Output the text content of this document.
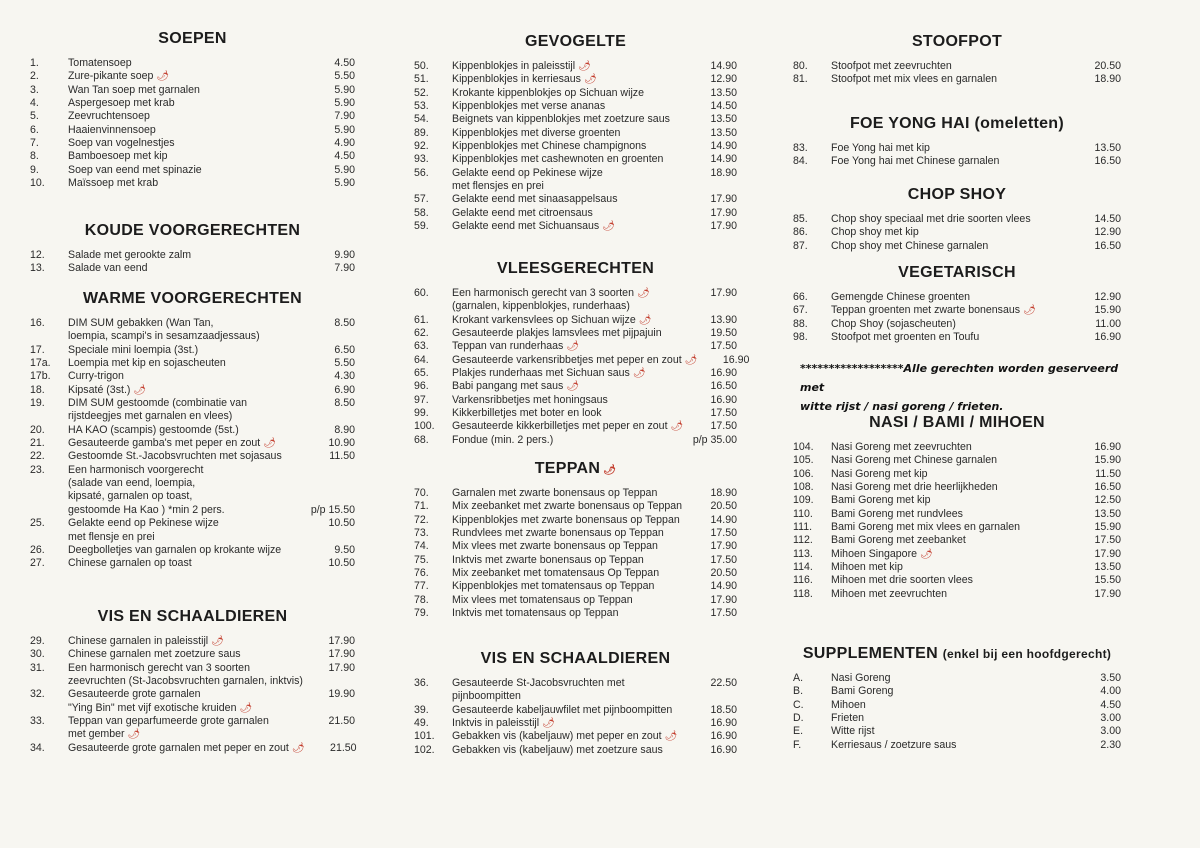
SOEPEN
1.	Tomatensoep	4.50
2.	Zure-pikante soep 🌶	5.50
3.	Wan Tan soep met garnalen	5.90
4.	Aspergesoep met krab	5.90
5.	Zeevruchtensoep	7.90
6.	Haaienvinnensoep	5.90
7.	Soep van vogelnestjes	4.90
8.	Bamboesoep met kip	4.50
9.	Soep van eend met spinazie	5.90
10.	Maïssoep met krab	5.90
KOUDE VOORGERECHTEN
12.	Salade met gerookte zalm	9.90
13.	Salade van eend	7.90
WARME VOORGERECHTEN
16.	DIM SUM gebakken (Wan Tan,	8.50
loempia, scampi's in sesamzaadjessaus)
17.	Speciale mini loempia (3st.)	6.50
17a.	Loempia met kip en sojascheuten	5.50
17b.	Curry-trigon	4.30
18.	Kipsaté (3st.) 🌶	6.90
19.	DIM SUM gestoomde (combinatie van	8.50
rijstdeegjes met garnalen en vlees)
20.	HA KAO (scampis) gestoomde (5st.)	8.90
21.	Gesauteerde gamba's met peper en zout 🌶	10.90
22.	Gestoomde St.-Jacobsvruchten met sojasaus	11.50
23.	Een harmonisch voorgerecht
(salade van eend, loempia,
kipsaté, garnalen op toast,
gestoomde Ha Kao ) *min 2 pers.	p/p 15.50
25.	Gelakte eend op Pekinese wijze	10.50
met flensje en prei
26.	Deegbolletjes van garnalen op krokante wijze	9.50
27.	Chinese garnalen op toast	10.50
VIS EN SCHAALDIEREN
29.	Chinese garnalen in paleisstijl 🌶	17.90
30.	Chinese garnalen met zoetzure saus	17.90
31.	Een harmonisch gerecht van 3 soorten	17.90
zeevruchten (St-Jacobsvruchten garnalen, inktvis)
32.	Gesauteerde grote garnalen	19.90
"Ying Bin" met vijf exotische kruiden🌶
33.	Teppan van geparfumeerde grote garnalen	21.50
met gember🌶
34.	Gesauteerde grote garnalen met peper en zout 🌶	21.50
GEVOGELTE
50.	Kippenblokjes in paleisstijl 🌶	14.90
51.	Kippenblokjes in kerriesaus 🌶	12.90
52.	Krokante kippenblokjes op Sichuan wijze	13.50
53.	Kippenblokjes met verse ananas	14.50
54.	Beignets van kippenblokjes met zoetzure saus	13.50
89.	Kippenblokjes met diverse groenten	13.50
92.	Kippenblokjes met Chinese champignons	14.90
93.	Kippenblokjes met cashewnoten en groenten	14.90
56.	Gelakte eend op Pekinese wijze	18.90
met flensjes en prei
57.	Gelakte eend met sinaasappelsaus	17.90
58.	Gelakte eend met citroensaus	17.90
59.	Gelakte eend met Sichuansaus 🌶	17.90
VLEESGERECHTEN
60.	Een harmonisch gerecht van 3 soorten 🌶	17.90
(garnalen, kippenblokjes, runderhaas)
61.	Krokant varkensvlees op Sichuan wijze 🌶	13.90
62.	Gesauteerde plakjes lamsvlees met pijpajuin	19.50
63.	Teppan van runderhaas 🌶	17.50
64.	Gesauteerde varkensribbetjes met peper en zout 🌶	16.90
65.	Plakjes runderhaas met Sichuan saus 🌶	16.90
96.	Babi pangang met saus 🌶	16.50
97.	Varkensribbetjes met honingsaus	16.90
99.	Kikkerbilletjes met boter en look	17.50
100.	Gesauteerde kikkerbilletjes met peper en zout 🌶	17.50
68.	Fondue (min. 2 pers.)	p/p 35.00
TEPPAN🌶
70.	Garnalen met zwarte bonensaus op Teppan	18.90
71.	Mix zeebanket met zwarte bonensaus op Teppan	20.50
72.	Kippenblokjes met zwarte bonensaus op Teppan	14.90
73.	Rundvlees met zwarte bonensaus op Teppan	17.50
74.	Mix vlees met zwarte bonensaus op Teppan	17.90
75.	Inktvis met zwarte bonensaus op Teppan	17.50
76.	Mix zeebanket met tomatensaus Op Teppan	20.50
77.	Kippenblokjes met tomatensaus op Teppan	14.90
78.	Mix vlees met tomatensaus op Teppan	17.90
79.	Inktvis met tomatensaus op Teppan	17.50
VIS EN SCHAALDIEREN
36.	Gesauteerde St-Jacobsvruchten met	22.50
pijnboompitten
39.	Gesauteerde kabeljauwfilet met pijnboompitten	18.50
49.	Inktvis in paleisstijl 🌶	16.90
101.	Gebakken vis (kabeljauw) met peper en zout 🌶	16.90
102.	Gebakken vis (kabeljauw) met zoetzure saus	16.90
STOOFPOT
80.	Stoofpot met zeevruchten	20.50
81.	Stoofpot met mix vlees en garnalen	18.90
FOE YONG HAI (omeletten)
83.	Foe Yong hai met kip	13.50
84.	Foe Yong hai met Chinese garnalen	16.50
CHOP SHOY
85.	Chop shoy speciaal met drie soorten vlees	14.50
86.	Chop shoy met kip	12.90
87.	Chop shoy met Chinese garnalen	16.50
VEGETARISCH
66.	Gemengde Chinese groenten	12.90
67.	Teppan groenten met zwarte bonensaus 🌶	15.90
88.	Chop Shoy (sojascheuten)	11.00
98.	Stoofpot met groenten en Toufu	16.90
NASI / BAMI / MIHOEN
104.	Nasi Goreng met zeevruchten	16.90
105.	Nasi Goreng met Chinese garnalen	15.90
106.	Nasi Goreng met kip	11.50
108.	Nasi Goreng met drie heerlijkheden	16.50
109.	Bami Goreng met kip	12.50
110.	Bami Goreng met rundvlees	13.50
111.	Bami Goreng met mix vlees en garnalen	15.90
112.	Bami Goreng met zeebanket	17.50
113.	Mihoen Singapore 🌶	17.90
114.	Mihoen met kip	13.50
116.	Mihoen met drie soorten vlees	15.50
118.	Mihoen met zeevruchten	17.90
SUPPLEMENTEN (enkel bij een hoofdgerecht)
A.	Nasi Goreng	3.50
B.	Bami Goreng	4.00
C.	Mihoen	4.50
D.	Frieten	3.00
E.	Witte rijst	3.00
F.	Kerriesaus / zoetzure saus	2.30
******************Alle gerechten worden geserveerd met
witte rijst / nasi goreng / frieten.
